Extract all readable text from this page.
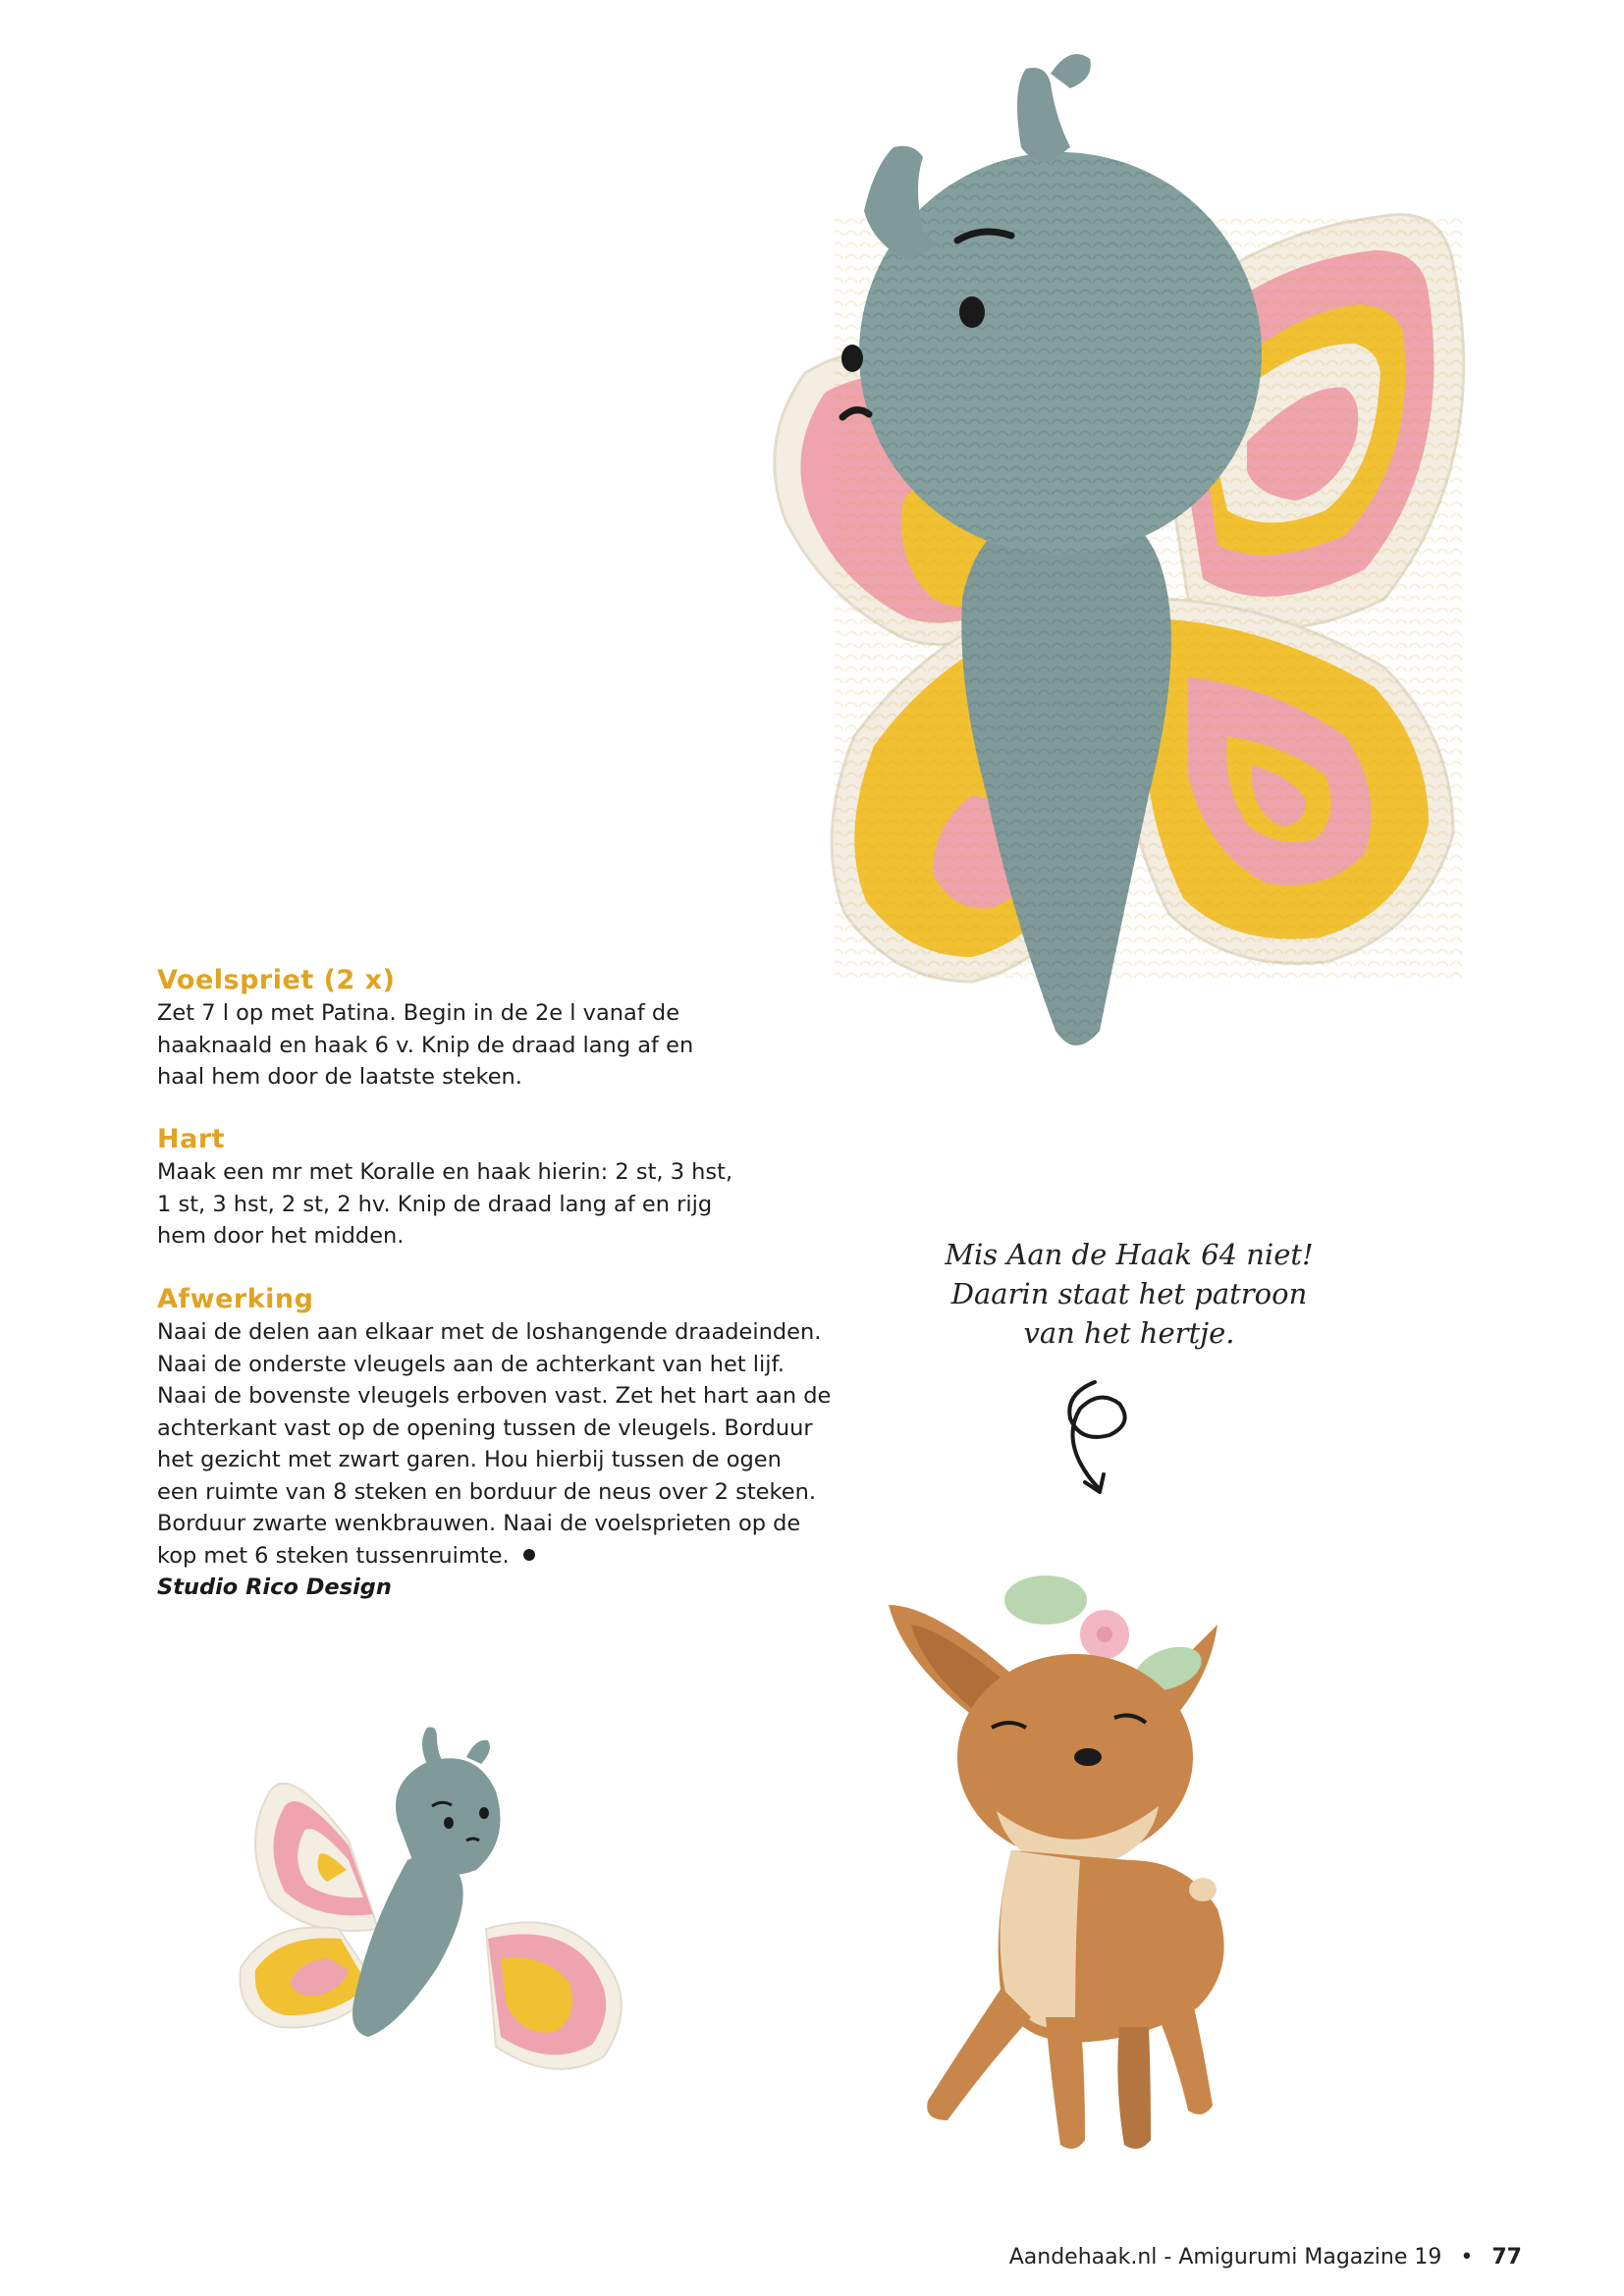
Voelspriet (2 x)

Zet 7 l op met Patina. Begin in de 2e l vanaf de
haaknaald en haak 6 v. Knip de draad lang af en
haal hem door de laatste steken.

Hart

Maak een mr met Koralle en haak hierin: 2 st, 3 hst,
1 st, 3 hst, 2 st, 2 hv. Knip de draad lang af en rijg
hem door het midden.

Afwerking

Naai de delen aan elkaar met de loshangende draadeinden.
Naai de onderste vleugels aan de achterkant van het lijf.
Naai de bovenste vleugels erboven vast. Zet het hart aan de
achterkant vast op de opening tussen de vleugels. Borduur
het gezicht met zwart garen. Hou hierbij tussen de ogen
een ruimte van 8 steken en borduur de neus over 2 steken.
Borduur zwarte wenkbrauwen. Naai de voelsprieten op de
kop met 6 steken tussenruimte.

Studio Rico Design
Mis Aan de Haak 64 niet!
Daarin staat het patroon
van het hertje.
Aandehaak.nl - Amigurumi Magazine 19 • 77
